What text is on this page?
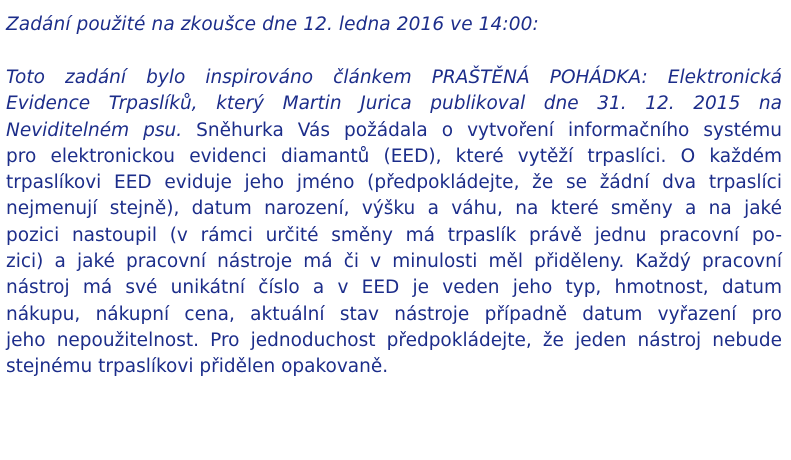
Zadání použité na zkoušce dne 12. ledna 2016 ve 14:00:
Toto zadání bylo inspirováno článkem PRAŠTĚNÁ POHÁDKA: Elektronická
Evidence Trpaslíků, který Martin Jurica publikoval dne 31. 12. 2015 na
Neviditelném psu. Sněhurka Vás požádala o vytvoření informačního systému
pro elektronickou evidenci diamantů (EED), které vytěží trpaslíci. O každém
trpaslíkovi EED eviduje jeho jméno (předpokládejte, že se žádní dva trpaslíci
nejmenují stejně), datum narození, výšku a váhu, na které směny a na jaké
pozici nastoupil (v rámci určité směny má trpaslík právě jednu pracovní po-
zici) a jaké pracovní nástroje má či v minulosti měl přiděleny. Každý pracovní
nástroj má své unikátní číslo a v EED je veden jeho typ, hmotnost, datum
nákupu, nákupní cena, aktuální stav nástroje případně datum vyřazení pro
jeho nepoužitelnost. Pro jednoduchost předpokládejte, že jeden nástroj nebude
stejnému trpaslíkovi přidělen opakovaně.
